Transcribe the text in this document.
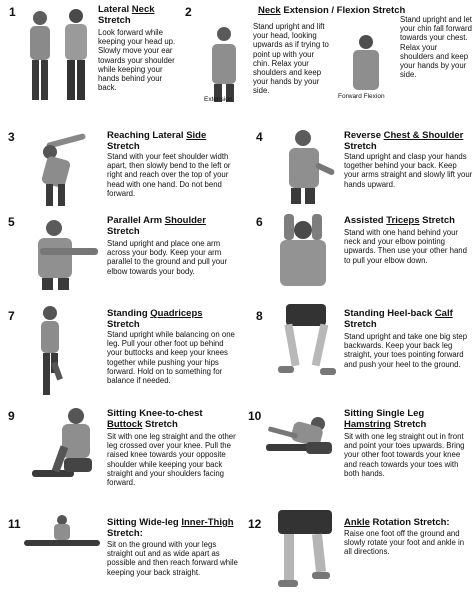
1	Lateral Neck Stretch
Look forward while keeping your head up. Slowly move your ear towards your shoulder while keeping your hands behind your back.
2	Neck Extension / Flexion Stretch
Extension
Stand upright and lift your head, looking upwards as if trying to point up with your chin. Relax your shoulders and keep your hands by your side.
Forward Flexion
Stand upright and let your chin fall forward towards your chest. Relax your shoulders and keep your hands by your side.
3	Reaching Lateral Side Stretch
Stand with your feet shoulder width apart, then slowly bend to the left or right and reach over the top of your head with one hand. Do not bend forward.
4	Reverse Chest & Shoulder Stretch
Stand upright and clasp your hands together behind your back. Keep your arms straight and slowly lift your hands upward.
5	Parallel Arm Shoulder Stretch
Stand upright and place one arm across your body. Keep your arm parallel to the ground and pull your elbow towards your body.
6	Assisted Triceps Stretch
Stand with one hand behind your neck and your elbow pointing upwards. Then use your other hand to pull your elbow down.
7	Standing Quadriceps Stretch
Stand upright while balancing on one leg. Pull your other foot up behind your buttocks and keep your knees together while pushing your hips forward. Hold on to something for balance if needed.
8	Standing Heel-back Calf Stretch
Stand upright and take one big step backwards. Keep your back leg straight, your toes pointing forward and push your heel to the ground.
9	Sitting Knee-to-chest Buttock Stretch
Sit with one leg straight and the other leg crossed over your knee. Pull the raised knee towards your opposite shoulder while keeping your back straight and your shoulders facing forward.
10	Sitting Single Leg Hamstring Stretch
Sit with one leg straight out in front and point your toes upwards. Bring your other foot towards your knee and reach towards your toes with both hands.
11	Sitting Wide-leg Inner-Thigh Stretch:
Sit on the ground with your legs straight out and as wide apart as possible and then reach forward while keeping your back straight.
12	Ankle Rotation Stretch:
Raise one foot off the ground and slowly rotate your foot and ankle in all directions.
